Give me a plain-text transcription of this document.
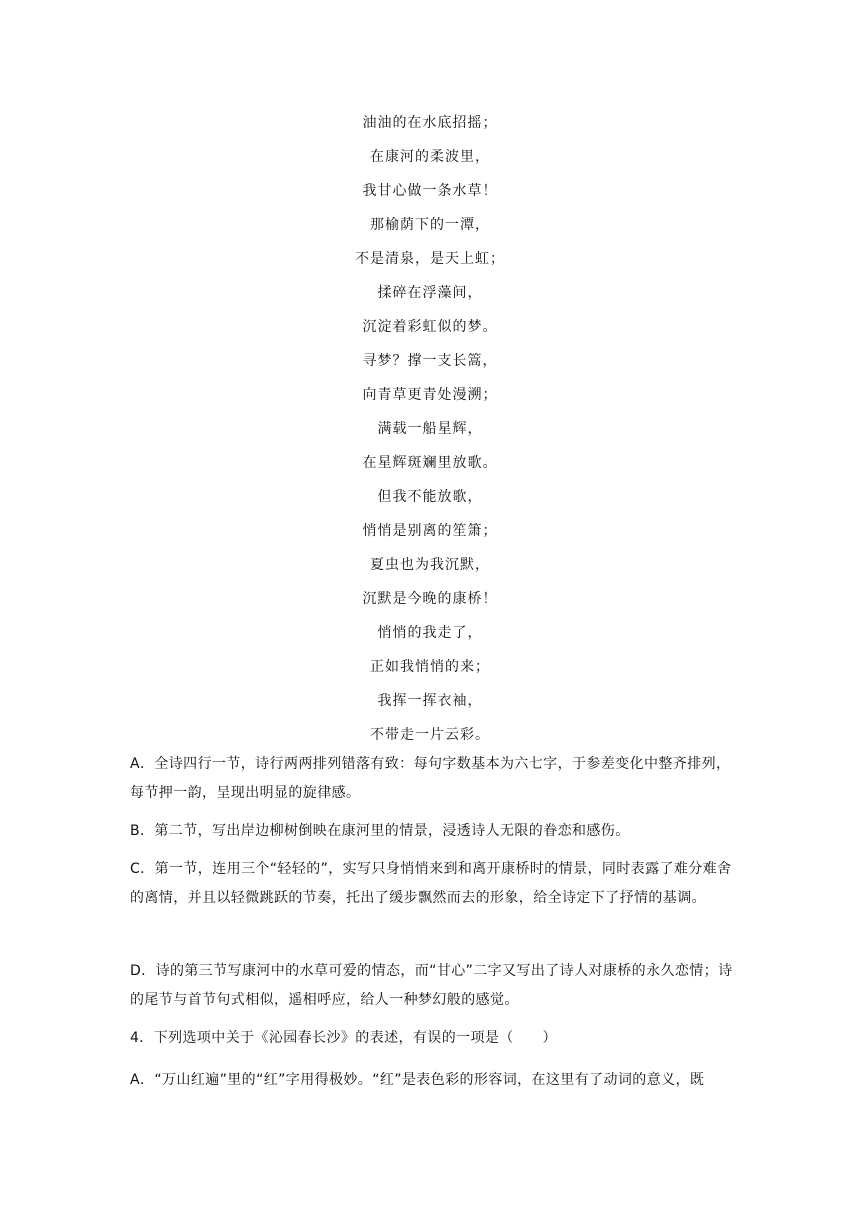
油油的在水底招摇；
在康河的柔波里，
我甘心做一条水草！
那榆荫下的一潭，
不是清泉，是天上虹；
揉碎在浮藻间，
沉淀着彩虹似的梦。
寻梦？撑一支长篙，
向青草更青处漫溯；
满载一船星辉，
在星辉斑斓里放歌。
但我不能放歌，
悄悄是别离的笙箫；
夏虫也为我沉默，
沉默是今晚的康桥！
悄悄的我走了，
正如我悄悄的来；
我挥一挥衣袖，
不带走一片云彩。

A．全诗四行一节，诗行两两排列错落有致：每句字数基本为六七字，于参差变化中整齐排列，每节押一韵，呈现出明显的旋律感。

B．第二节，写出岸边柳树倒映在康河里的情景，浸透诗人无限的眷恋和感伤。

C．第一节，连用三个“轻轻的”，实写只身悄悄来到和离开康桥时的情景，同时表露了难分难舍的离情，并且以轻微跳跃的节奏，托出了缓步飘然而去的形象，给全诗定下了抒情的基调。

D．诗的第三节写康河中的水草可爱的情态，而“甘心”二字又写出了诗人对康桥的永久恋情；诗的尾节与首节句式相似，遥相呼应，给人一种梦幻般的感觉。

4．下列选项中关于《沁园春长沙》的表述，有误的一项是（　　）

A．“万山红遍”里的“红”字用得极妙。“红”是表色彩的形容词，在这里有了动词的意义，既
